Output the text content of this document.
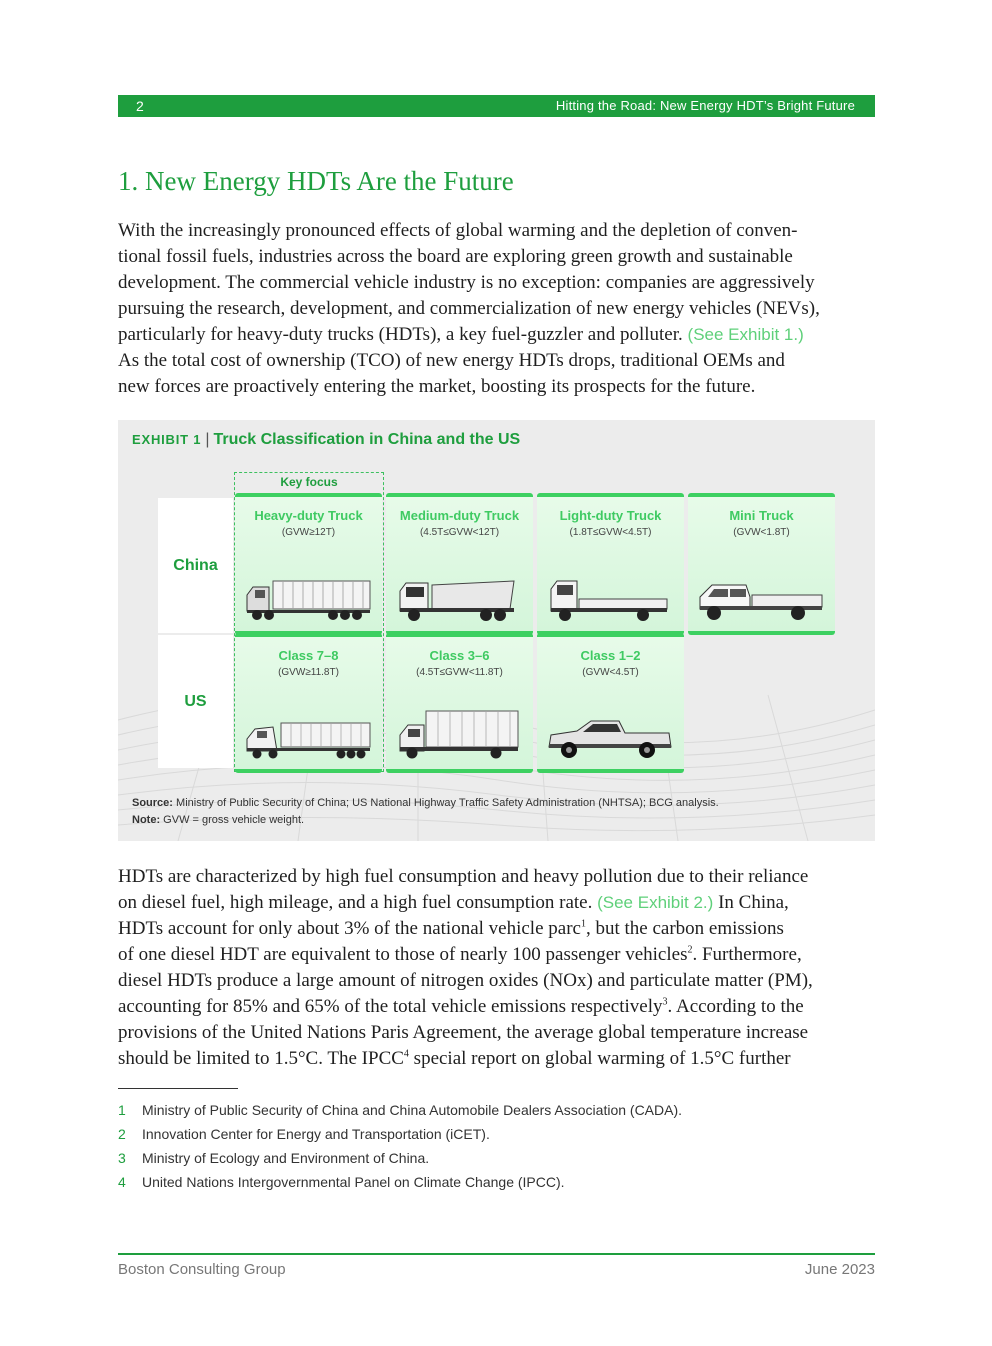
2	Hitting the Road: New Energy HDT’s Bright Future
1. New Energy HDTs Are the Future

With the increasingly pronounced effects of global warming and the depletion of conven-
tional fossil fuels, industries across the board are exploring green growth and sustainable
development. The commercial vehicle industry is no exception: companies are aggressively
pursuing the research, development, and commercialization of new energy vehicles (NEVs),
particularly for heavy-duty trucks (HDTs), a key fuel-guzzler and polluter. (See Exhibit 1.)
As the total cost of ownership (TCO) of new energy HDTs drops, traditional OEMs and
new forces are proactively entering the market, boosting its prospects for the future.

EXHIBIT 1 | Truck Classification in China and the US
China
US
Key focus
Heavy-duty Truck
(GVW≥12T)
Medium-duty Truck
(4.5T≤GVW<12T)
Light-duty Truck
(1.8T≤GVW<4.5T)
Mini Truck
(GVW<1.8T)
Class 7–8
(GVW≥11.8T)
Class 3–6
(4.5T≤GVW<11.8T)
Class 1–2
(GVW<4.5T)
Source: Ministry of Public Security of China; US National Highway Traffic Safety Administration (NHTSA); BCG analysis.
Note: GVW = gross vehicle weight.

HDTs are characterized by high fuel consumption and heavy pollution due to their reliance
on diesel fuel, high mileage, and a high fuel consumption rate. (See Exhibit 2.) In China,
HDTs account for only about 3% of the national vehicle parc$^1$, but the carbon emissions
of one diesel HDT are equivalent to those of nearly 100 passenger vehicles$^2$. Furthermore,
diesel HDTs produce a large amount of nitrogen oxides (NOx) and particulate matter (PM),
accounting for 85% and 65% of the total vehicle emissions respectively$^3$. According to the
provisions of the United Nations Paris Agreement, the average global temperature increase
should be limited to 1.5°C. The IPCC$^4$ special report on global warming of 1.5°C further

1 Ministry of Public Security of China and China Automobile Dealers Association (CADA).
2 Innovation Center for Energy and Transportation (iCET).
3 Ministry of Ecology and Environment of China.
4 United Nations Intergovernmental Panel on Climate Change (IPCC).
Boston Consulting Group	June 2023
